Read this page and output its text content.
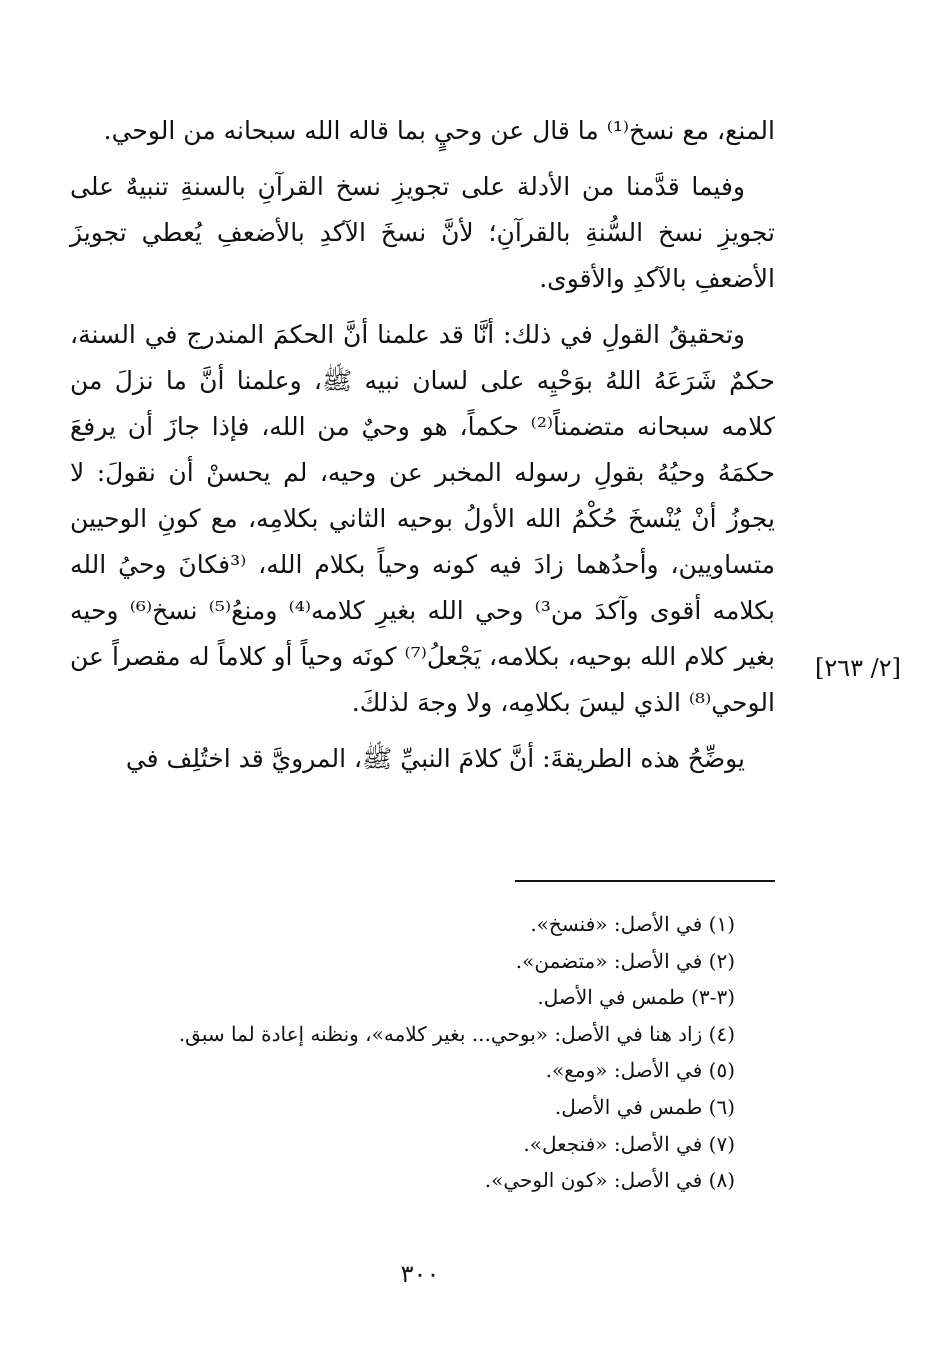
المنع، مع نسخ⁽¹⁾ ما قال عن وحيٍ بما قاله الله سبحانه من الوحي.

وفيما قدَّمنا من الأدلة على تجويزِ نسخ القرآنِ بالسنةِ تنبيهٌ على تجويزِ نسخ السُّنةِ بالقرآنِ؛ لأنَّ نسخَ الآكدِ بالأضعفِ يُعطي تجويزَ الأضعفِ بالآكدِ والأقوى.

وتحقيقُ القولِ في ذلك: أنَّا قد علمنا أنَّ الحكمَ المندرج في السنة، حكمٌ شَرَعَهُ اللهُ بوَحْيِه على لسان نبيه ﷺ، وعلمنا أنَّ ما نزلَ من كلامه سبحانه متضمناً⁽²⁾ حكماً، هو وحيٌ من الله، فإذا جازَ أن يرفعَ حكمَهُ وحيُهُ بقولِ رسوله المخبر عن وحيه، لم يحسنْ أن نقولَ: لا يجوزُ أنْ يُنْسخَ حُكْمُ الله الأولُ بوحيه الثاني بكلامِه، مع كونِ الوحيين متساويين، وأحدُهما زادَ فيه كونه وحياً بكلام الله، ⁽³فكانَ وحيُ الله بكلامه أقوى وآكدَ من³⁾ وحي الله بغيرِ كلامه⁽⁴⁾ ومنعُ⁽⁵⁾ نسخ⁽⁶⁾ وحيه بغير كلام الله بوحيه، بكلامه، يَجْعلُ⁽⁷⁾ كونَه وحياً أو كلاماً له مقصراً عن الوحي⁽⁸⁾ الذي ليسَ بكلامِه، ولا وجهَ لذلكَ.

يوضِّحُ هذه الطريقةَ: أنَّ كلامَ النبيِّ ﷺ، المرويَّ قد اختُلِف في

[٢/ ٢٦٣]
(١) في الأصل: «فنسخ».
(٢) في الأصل: «متضمن».
(٣-٣) طمس في الأصل.
(٤) زاد هنا في الأصل: «بوحي... بغير كلامه»، ونظنه إعادة لما سبق.
(٥) في الأصل: «ومع».
(٦) طمس في الأصل.
(٧) في الأصل: «فنجعل».
(٨) في الأصل: «كون الوحي».
٣٠٠
